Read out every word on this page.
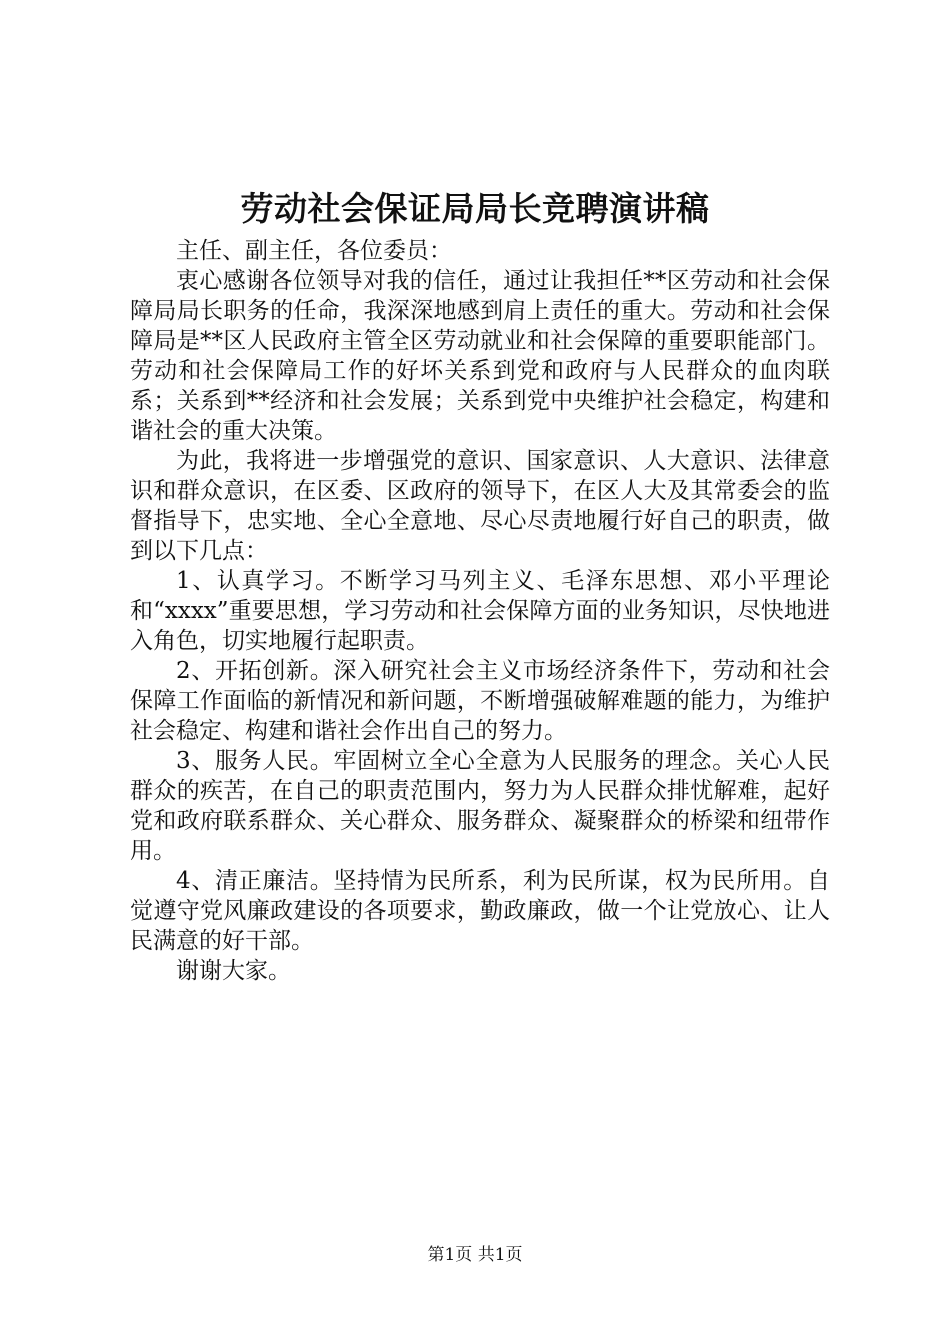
劳动社会保证局局长竞聘演讲稿

主任、副主任，各位委员：

衷心感谢各位领导对我的信任，通过让我担任**区劳动和社会保障局局长职务的任命，我深深地感到肩上责任的重大。劳动和社会保障局是**区人民政府主管全区劳动就业和社会保障的重要职能部门。劳动和社会保障局工作的好坏关系到党和政府与人民群众的血肉联系；关系到**经济和社会发展；关系到党中央维护社会稳定，构建和谐社会的重大决策。

为此，我将进一步增强党的意识、国家意识、人大意识、法律意识和群众意识，在区委、区政府的领导下，在区人大及其常委会的监督指导下，忠实地、全心全意地、尽心尽责地履行好自己的职责，做到以下几点：

1、认真学习。不断学习马列主义、毛泽东思想、邓小平理论和“xxxx”重要思想，学习劳动和社会保障方面的业务知识，尽快地进入角色，切实地履行起职责。

2、开拓创新。深入研究社会主义市场经济条件下，劳动和社会保障工作面临的新情况和新问题，不断增强破解难题的能力，为维护社会稳定、构建和谐社会作出自己的努力。

3、服务人民。牢固树立全心全意为人民服务的理念。关心人民群众的疾苦，在自己的职责范围内，努力为人民群众排忧解难，起好党和政府联系群众、关心群众、服务群众、凝聚群众的桥梁和纽带作用。

4、清正廉洁。坚持情为民所系，利为民所谋，权为民所用。自觉遵守党风廉政建设的各项要求，勤政廉政，做一个让党放心、让人民满意的好干部。

谢谢大家。

第1页 共1页
